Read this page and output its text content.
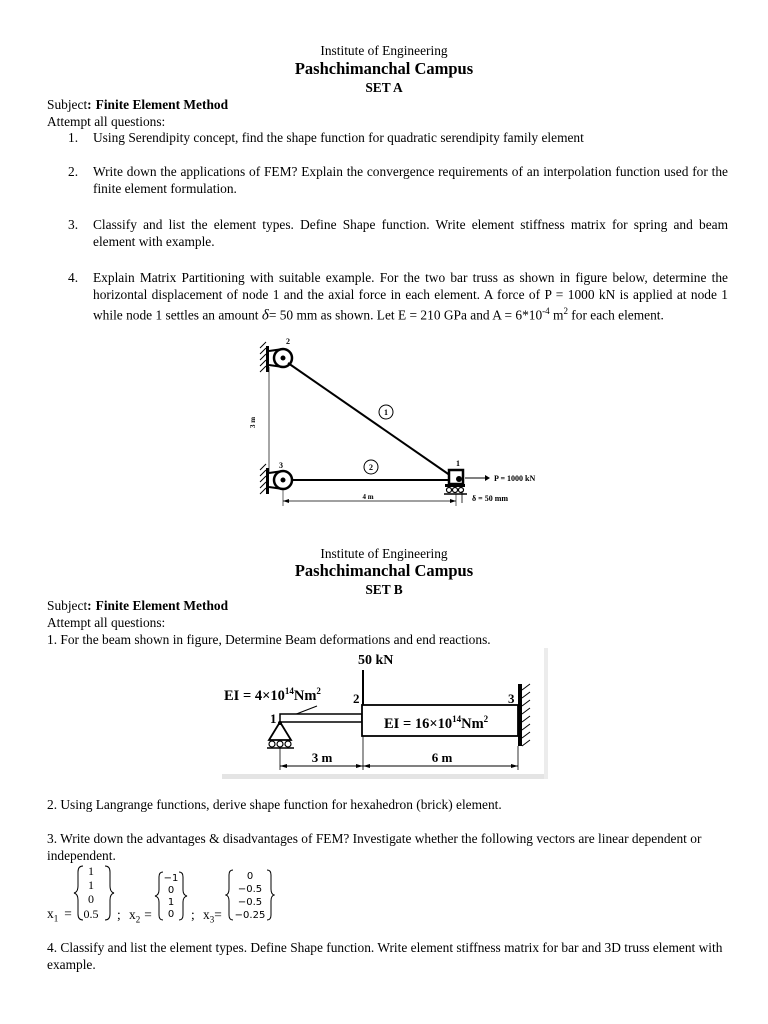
Institute of Engineering
Pashchimanchal Campus
SET A
Subject: Finite Element Method
Attempt all questions:
1.	Using Serendipity concept, find the shape function for quadratic serendipity family element
2.	Write down the applications of FEM? Explain the convergence requirements of an interpolation function used for the finite element formulation.
3.	Classify and list the element types. Define Shape function. Write element stiffness matrix for spring and beam element with example.
4.	Explain Matrix Partitioning with suitable example. For the two bar truss as shown in figure below, determine the horizontal displacement of node 1 and the axial force in each element. A force of P = 1000 kN is applied at node 1 while node 1 settles an amount δ= 50 mm as shown. Let E = 210 GPa and $A = 6*10^{-4}$ $m^2$ for each element.
P = 1000 kN
δ = 50 mm
2
3	1
1
2
3 m
4 m
Institute of Engineering
Pashchimanchal Campus
SET B
Subject: Finite Element Method
Attempt all questions:
1. For the beam shown in figure, Determine Beam deformations and end reactions.
50 kN
EI = $4\times 10^{14}Nm^2$
EI = $16\times 10^{14}Nm^2$
1
2	3
3 m	6 m
2. Using Langrange functions, derive shape function for hexahedron (brick) element.
3. Write down the advantages & disadvantages of FEM? Investigate whether the following vectors are linear dependent or independent.
$x_1$ =
1
1
0
0.5 ; $x_2$ =
−1
0
1
0 ; $x_3=$
0
−0.5
−0.5
−0.25
4. Classify and list the element types. Define Shape function. Write element stiffness matrix for bar and 3D truss element with example.
